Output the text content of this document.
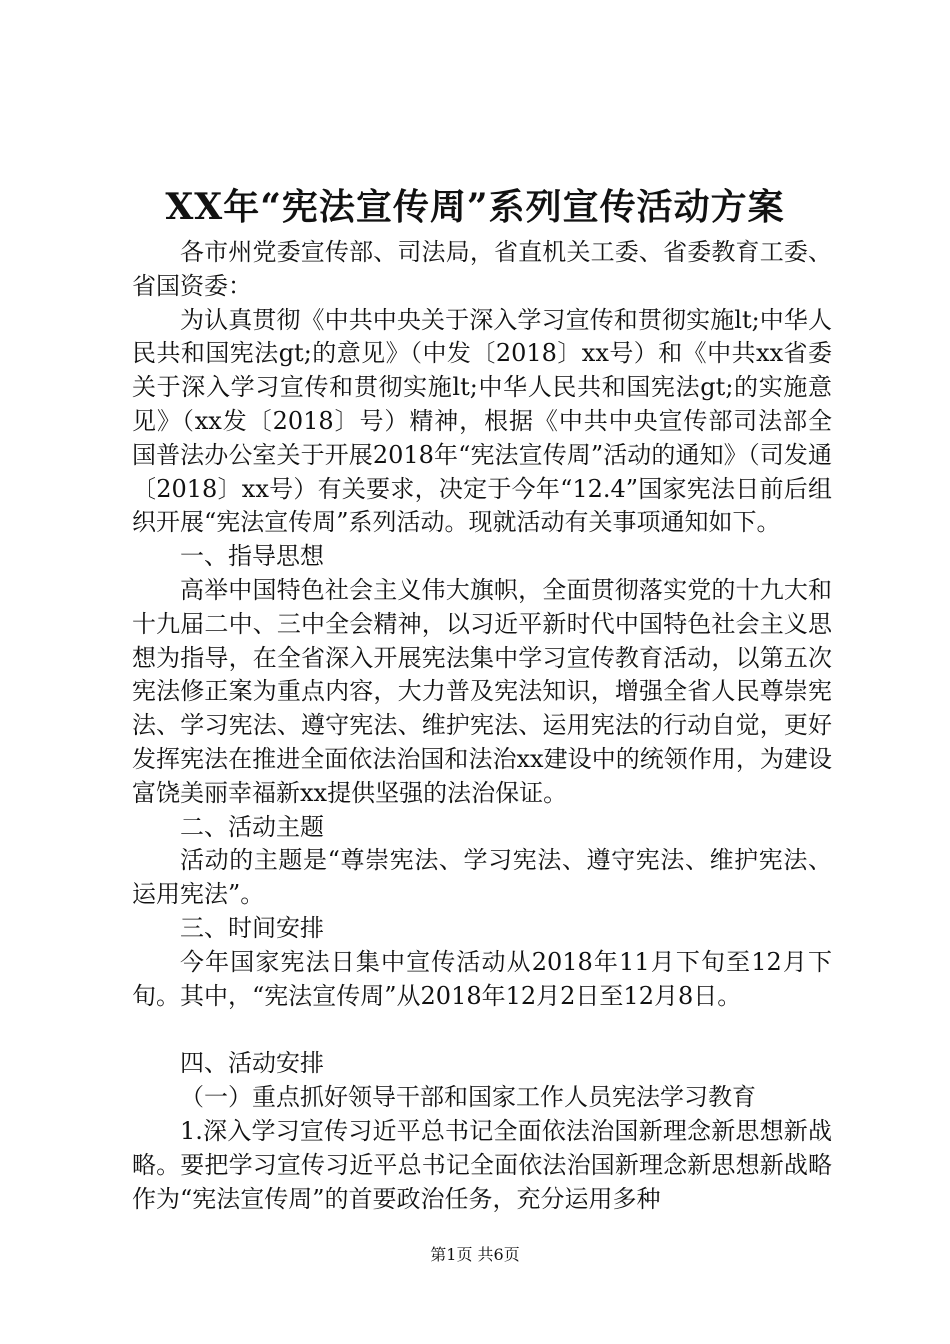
XX年“宪法宣传周”系列宣传活动方案

各市州党委宣传部、司法局，省直机关工委、省委教育工委、省国资委：

为认真贯彻《中共中央关于深入学习宣传和贯彻实施lt;中华人民共和国宪法gt;的意见》（中发〔2018〕xx号）和《中共xx省委关于深入学习宣传和贯彻实施lt;中华人民共和国宪法gt;的实施意见》（xx发〔2018〕号）精神，根据《中共中央宣传部司法部全国普法办公室关于开展2018年“宪法宣传周”活动的通知》（司发通〔2018〕xx号）有关要求，决定于今年“12.4”国家宪法日前后组织开展“宪法宣传周”系列活动。现就活动有关事项通知如下。

一、指导思想

高举中国特色社会主义伟大旗帜，全面贯彻落实党的十九大和十九届二中、三中全会精神，以习近平新时代中国特色社会主义思想为指导，在全省深入开展宪法集中学习宣传教育活动，以第五次宪法修正案为重点内容，大力普及宪法知识，增强全省人民尊崇宪法、学习宪法、遵守宪法、维护宪法、运用宪法的行动自觉，更好发挥宪法在推进全面依法治国和法治xx建设中的统领作用，为建设富饶美丽幸福新xx提供坚强的法治保证。

二、活动主题

活动的主题是“尊崇宪法、学习宪法、遵守宪法、维护宪法、运用宪法”。

三、时间安排

今年国家宪法日集中宣传活动从2018年11月下旬至12月下旬。其中，“宪法宣传周”从2018年12月2日至12月8日。

四、活动安排

（一）重点抓好领导干部和国家工作人员宪法学习教育

1.深入学习宣传习近平总书记全面依法治国新理念新思想新战略。要把学习宣传习近平总书记全面依法治国新理念新思想新战略作为“宪法宣传周”的首要政治任务，充分运用多种

第1页 共6页
